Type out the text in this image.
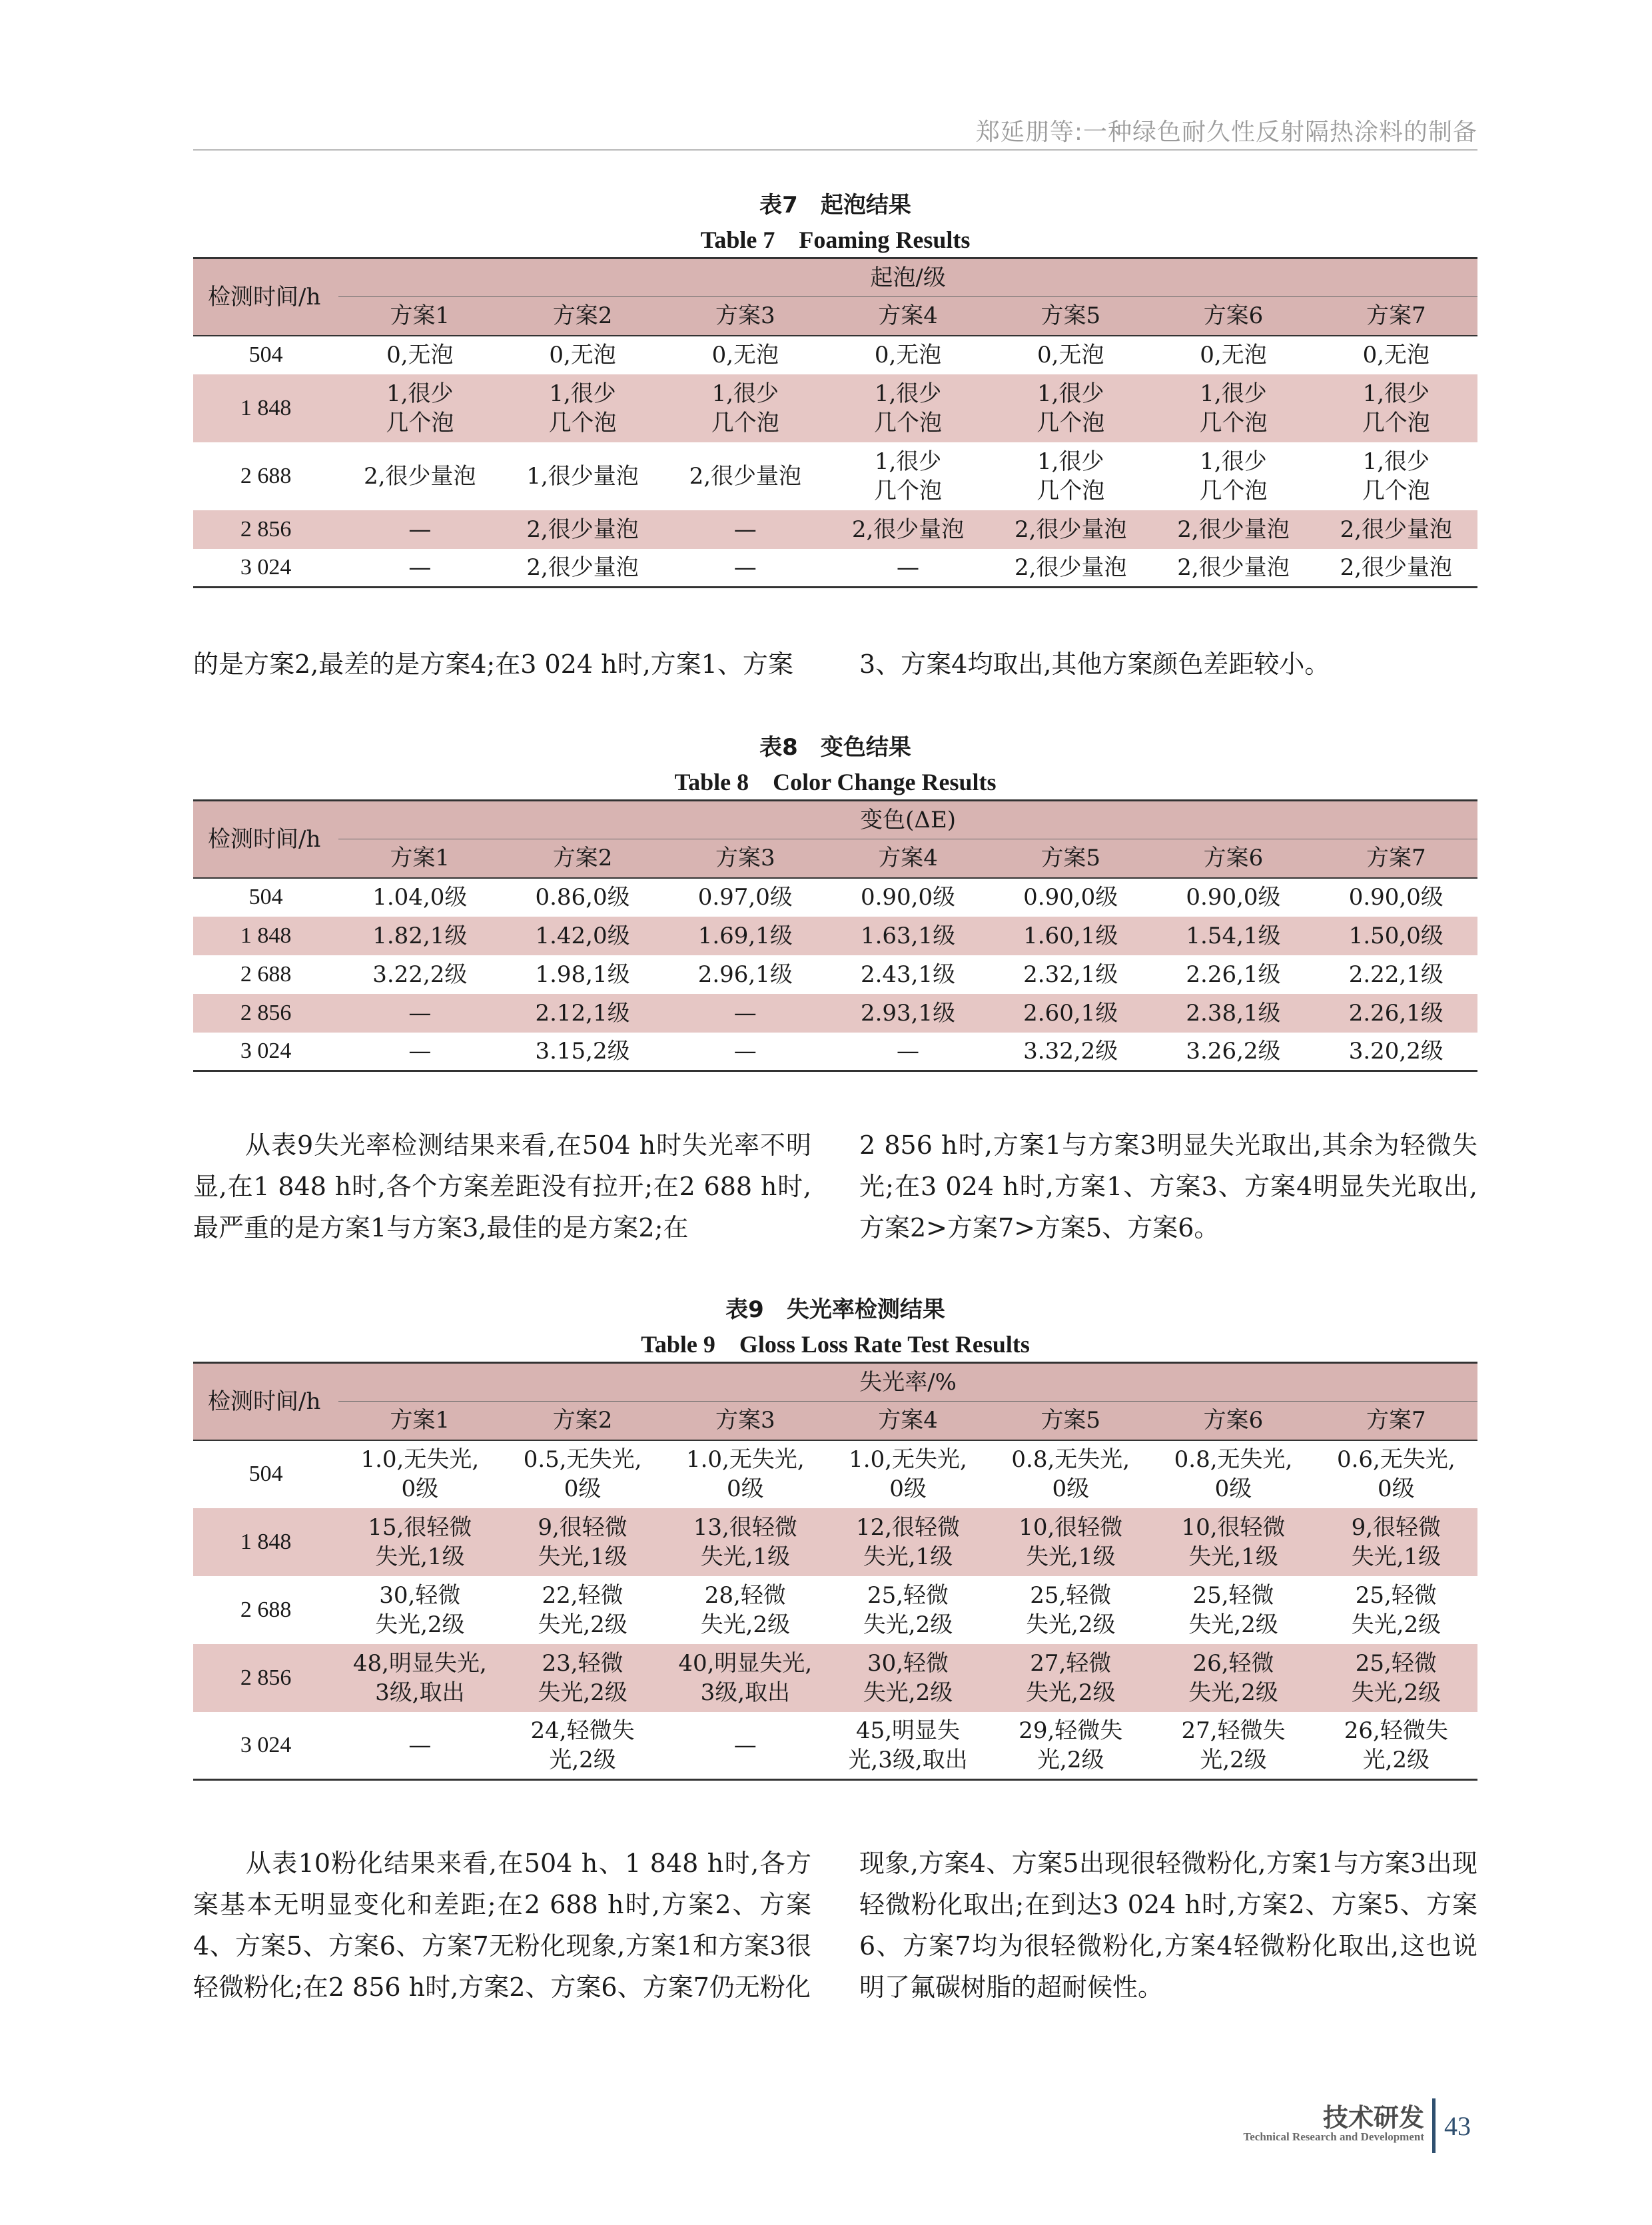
郑延朋等:一种绿色耐久性反射隔热涂料的制备
表7　起泡结果
Table 7　Foaming Results
检测时间/h	起泡/级						
	方案1	方案2	方案3	方案4	方案5	方案6	方案7
504	0,无泡	0,无泡	0,无泡	0,无泡	0,无泡	0,无泡	0,无泡
1 848	1,很少
几个泡	1,很少
几个泡	1,很少
几个泡	1,很少
几个泡	1,很少
几个泡	1,很少
几个泡	1,很少
几个泡
2 688	2,很少量泡	1,很少量泡	2,很少量泡	1,很少
几个泡	1,很少
几个泡	1,很少
几个泡	1,很少
几个泡
2 856	—	2,很少量泡	—	2,很少量泡	2,很少量泡	2,很少量泡	2,很少量泡
3 024	—	2,很少量泡	—	—	2,很少量泡	2,很少量泡	2,很少量泡
的是方案2,最差的是方案4;在3 024 h时,方案1、方案	3、方案4均取出,其他方案颜色差距较小。
表8　变色结果
Table 8　Color Change Results
检测时间/h	变色(ΔE)						
	方案1	方案2	方案3	方案4	方案5	方案6	方案7
504	1.04,0级	0.86,0级	0.97,0级	0.90,0级	0.90,0级	0.90,0级	0.90,0级
1 848	1.82,1级	1.42,0级	1.69,1级	1.63,1级	1.60,1级	1.54,1级	1.50,0级
2 688	3.22,2级	1.98,1级	2.96,1级	2.43,1级	2.32,1级	2.26,1级	2.22,1级
2 856	—	2.12,1级	—	2.93,1级	2.60,1级	2.38,1级	2.26,1级
3 024	—	3.15,2级	—	—	3.32,2级	3.26,2级	3.20,2级
　　从表9失光率检测结果来看,在504 h时失光率不明显,在1 848 h时,各个方案差距没有拉开;在2 688 h时,最严重的是方案1与方案3,最佳的是方案2;在
2 856 h时,方案1与方案3明显失光取出,其余为轻微失光;在3 024 h时,方案1、方案3、方案4明显失光取出,方案2>方案7>方案5、方案6。
表9　失光率检测结果
Table 9　Gloss Loss Rate Test Results
检测时间/h	失光率/%						
	方案1	方案2	方案3	方案4	方案5	方案6	方案7
504	1.0,无失光,
0级	0.5,无失光,
0级	1.0,无失光,
0级	1.0,无失光,
0级	0.8,无失光,
0级	0.8,无失光,
0级	0.6,无失光,
0级
1 848	15,很轻微
失光,1级	9,很轻微
失光,1级	13,很轻微
失光,1级	12,很轻微
失光,1级	10,很轻微
失光,1级	10,很轻微
失光,1级	9,很轻微
失光,1级
2 688	30,轻微
失光,2级	22,轻微
失光,2级	28,轻微
失光,2级	25,轻微
失光,2级	25,轻微
失光,2级	25,轻微
失光,2级	25,轻微
失光,2级
2 856	48,明显失光,
3级,取出	23,轻微
失光,2级	40,明显失光,
3级,取出	30,轻微
失光,2级	27,轻微
失光,2级	26,轻微
失光,2级	25,轻微
失光,2级
3 024	—	24,轻微失
光,2级	—	45,明显失
光,3级,取出	29,轻微失
光,2级	27,轻微失
光,2级	26,轻微失
光,2级
　　从表10粉化结果来看,在504 h、1 848 h时,各方案基本无明显变化和差距;在2 688 h时,方案2、方案4、方案5、方案6、方案7无粉化现象,方案1和方案3很轻微粉化;在2 856 h时,方案2、方案6、方案7仍无粉化
现象,方案4、方案5出现很轻微粉化,方案1与方案3出现轻微粉化取出;在到达3 024 h时,方案2、方案5、方案6、方案7均为很轻微粉化,方案4轻微粉化取出,这也说明了氟碳树脂的超耐候性。
技术研发
Technical Research and Development 43
